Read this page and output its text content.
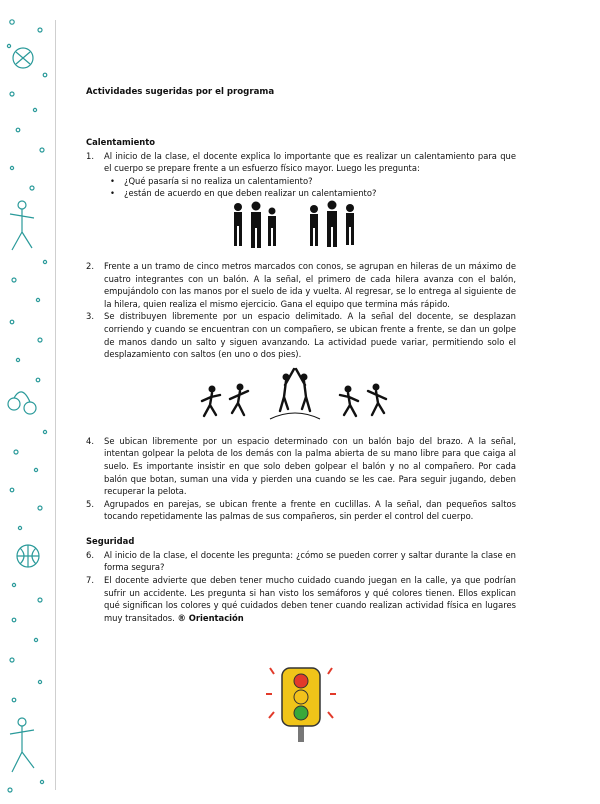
Actividades sugeridas por el programa
Calentamiento
1.	Al inicio de la clase, el docente explica lo importante que es realizar un calentamiento para que el cuerpo se prepare frente a un esfuerzo físico mayor. Luego les pregunta:
• ¿Qué pasaría si no realiza un calentamiento?
• ¿están de acuerdo en que deben realizar un calentamiento?
2.	Frente a un tramo de cinco metros marcados con conos, se agrupan en hileras de un máximo de cuatro integrantes con un balón. A la señal, el primero de cada hilera avanza con el balón, empujándolo con las manos por el suelo de ida y vuelta. Al regresar, se lo entrega al siguiente de la hilera, quien realiza el mismo ejercicio. Gana el equipo que termina más rápido.
3.	Se distribuyen libremente por un espacio delimitado. A la señal del docente, se desplazan corriendo y cuando se encuentran con un compañero, se ubican frente a frente, se dan un golpe de manos dando un salto y siguen avanzando. La actividad puede variar, permitiendo solo el desplazamiento con saltos (en uno o dos pies).
4.	Se ubican libremente por un espacio determinado con un balón bajo del brazo. A la señal, intentan golpear la pelota de los demás con la palma abierta de su mano libre para que caiga al suelo. Es importante insistir en que solo deben golpear el balón y no al compañero. Por cada balón que botan, suman una vida y pierden una cuando se les cae. Para seguir jugando, deben recuperar la pelota.
5.	Agrupados en parejas, se ubican frente a frente en cuclillas. A la señal, dan pequeños saltos tocando repetidamente las palmas de sus compañeros, sin perder el control del cuerpo.
Seguridad
6.	Al inicio de la clase, el docente les pregunta: ¿cómo se pueden correr y saltar durante la clase en forma segura?
7.	El docente advierte que deben tener mucho cuidado cuando juegan en la calle, ya que podrían sufrir un accidente. Les pregunta si han visto los semáforos y qué colores tienen. Ellos explican qué significan los colores y qué cuidados deben tener cuando realizan actividad física en lugares muy transitados. ® Orientación
